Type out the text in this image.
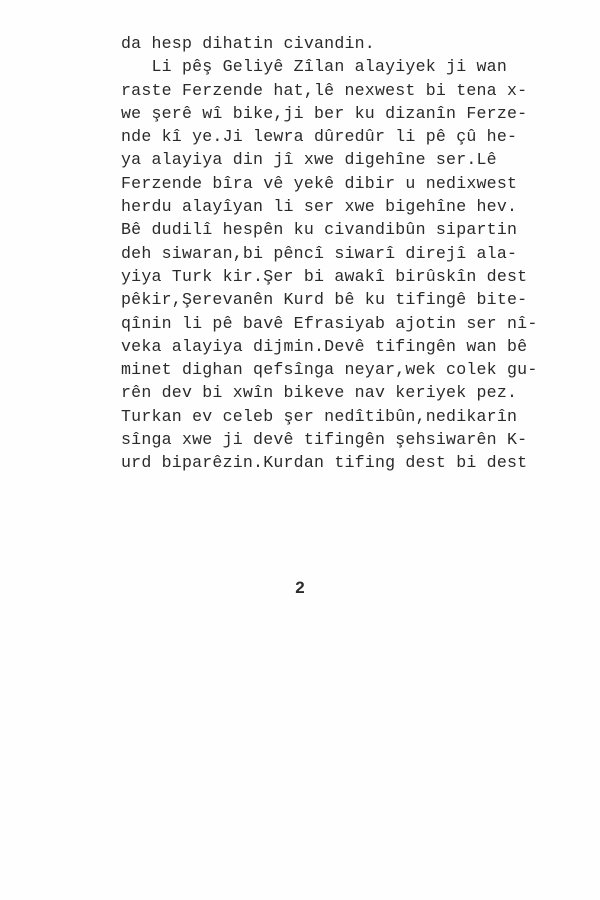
da hesp dihatin civandin.
Li pêş Geliyê Zîlan alayiyek ji wan
raste Ferzende hat,lê nexwest bi tena x-
we şerê wî bike,ji ber ku dizanîn Ferze-
nde kî ye.Ji lewra dûredûr li pê çû he-
ya alayiya din jî xwe digehîne ser.Lê
Ferzende bîra vê yekê dibir u nedixwest
herdu alayîyan li ser xwe bigehîne hev.
Bê dudilî hespên ku civandibûn sipartin
deh siwaran,bi pêncî siwarî direjî ala-
yiya Turk kir.Şer bi awakî birûskîn dest
pêkir,Şerevanên Kurd bê ku tifingê bite-
qînin li pê bavê Efrasiyab ajotin ser nî-
veka alayiya dijmin.Devê tifingên wan bê
minet dighan qefsînga neyar,wek colek gu-
rên dev bi xwîn bikeve nav keriyek pez.
Turkan ev celeb şer nedîtibûn,nedikarîn
sînga xwe ji devê tifingên şehsiwarên K-
urd biparêzin.Kurdan tifing dest bi dest
2
